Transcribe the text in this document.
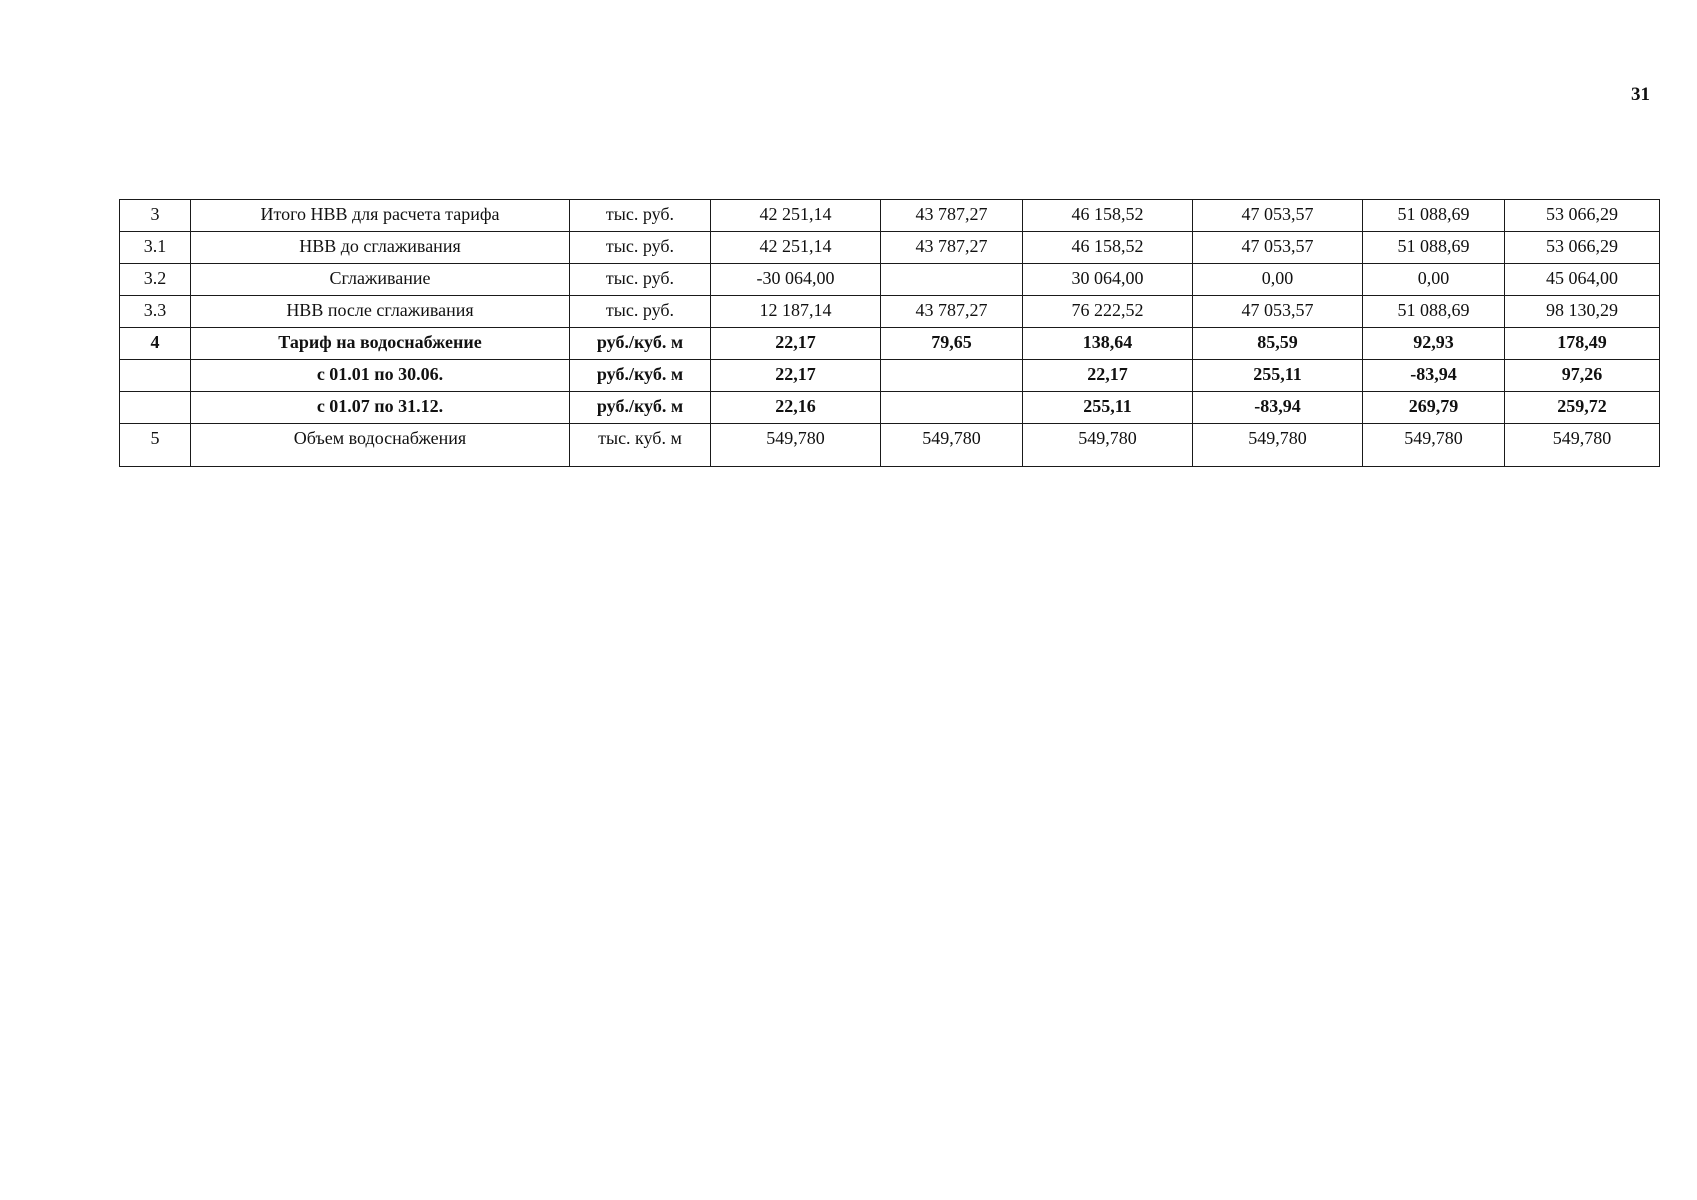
31
3	Итого НВВ для расчета тарифа	тыс. руб.	42 251,14	43 787,27	46 158,52	47 053,57	51 088,69	53 066,29
3.1	НВВ до сглаживания	тыс. руб.	42 251,14	43 787,27	46 158,52	47 053,57	51 088,69	53 066,29
3.2	Сглаживание	тыс. руб.	-30 064,00		30 064,00	0,00	0,00	45 064,00
3.3	НВВ после сглаживания	тыс. руб.	12 187,14	43 787,27	76 222,52	47 053,57	51 088,69	98 130,29
4	Тариф на водоснабжение	руб./куб. м	22,17	79,65	138,64	85,59	92,93	178,49
	с 01.01 по 30.06.	руб./куб. м	22,17		22,17	255,11	-83,94	97,26
	с 01.07 по 31.12.	руб./куб. м	22,16		255,11	-83,94	269,79	259,72
5	Объем водоснабжения	тыс. куб. м	549,780	549,780	549,780	549,780	549,780	549,780
